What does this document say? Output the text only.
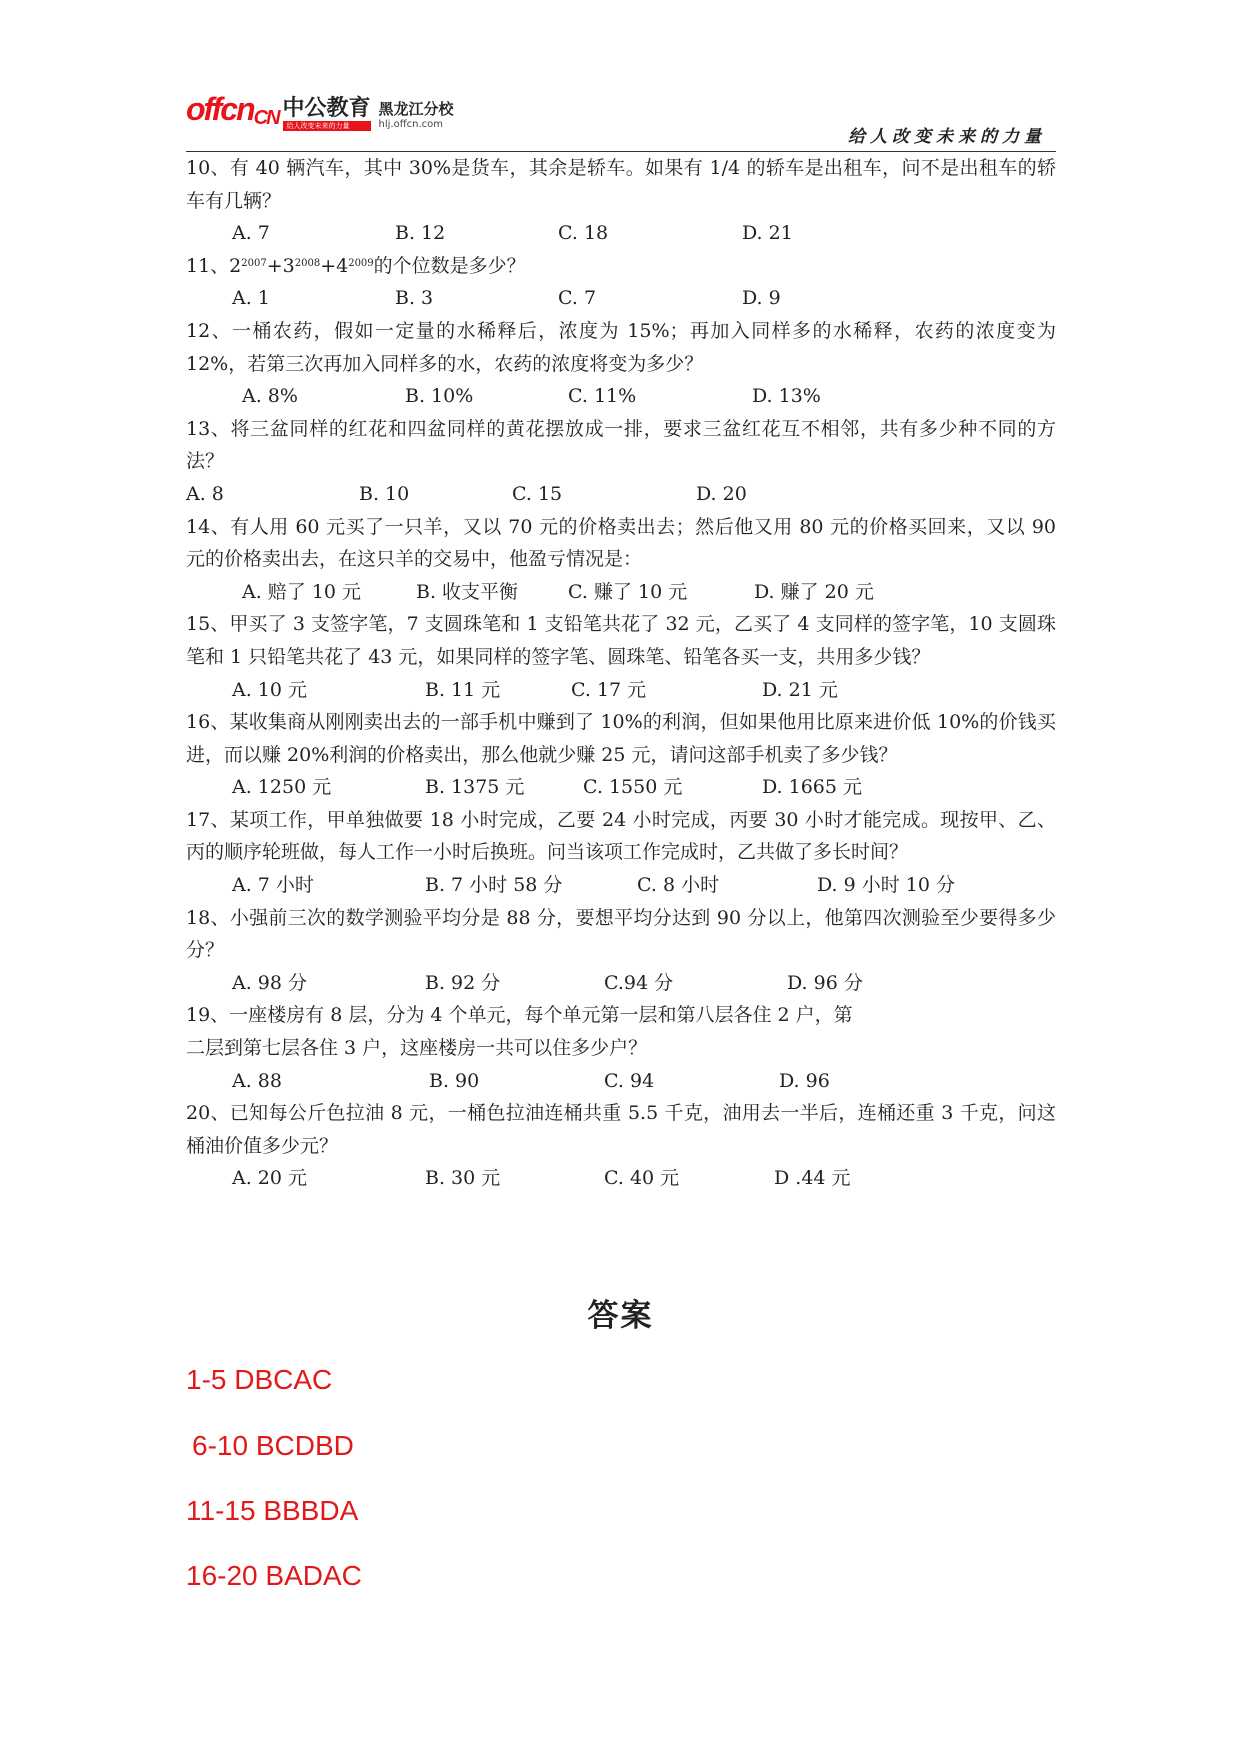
offcnCN 中公教育
给人改变未来的力量
黑龙江分校
hlj.offcn.com
给人改变未来的力量
10、有 40 辆汽车，其中 30%是货车，其余是轿车。如果有 1/4 的轿车是出租车，问不是出租车的轿车有几辆？
A. 7	B. 12	C. 18	D. 21
11、$2^{2007}+3^{2008}+4^{2009}$的个位数是多少？
A. 1	B. 3	C. 7	D. 9
12、一桶农药，假如一定量的水稀释后，浓度为 15%；再加入同样多的水稀释，农药的浓度变为 12%，若第三次再加入同样多的水，农药的浓度将变为多少？
A. 8%	B. 10%	C. 11%	D. 13%
13、将三盆同样的红花和四盆同样的黄花摆放成一排，要求三盆红花互不相邻，共有多少种不同的方法？
A. 8	B. 10	C. 15	D. 20
14、有人用 60 元买了一只羊，又以 70 元的价格卖出去；然后他又用 80 元的价格买回来，又以 90 元的价格卖出去，在这只羊的交易中，他盈亏情况是：
A. 赔了 10 元	B. 收支平衡	C. 赚了 10 元	D. 赚了 20 元
15、甲买了 3 支签字笔，7 支圆珠笔和 1 支铅笔共花了 32 元，乙买了 4 支同样的签字笔，10 支圆珠笔和 1 只铅笔共花了 43 元，如果同样的签字笔、圆珠笔、铅笔各买一支，共用多少钱？
A. 10 元	B. 11 元	C. 17 元	D. 21 元
16、某收集商从刚刚卖出去的一部手机中赚到了 10%的利润，但如果他用比原来进价低 10%的价钱买进，而以赚 20%利润的价格卖出，那么他就少赚 25 元，请问这部手机卖了多少钱？
A. 1250 元	B. 1375 元	C. 1550 元	D. 1665 元
17、某项工作，甲单独做要 18 小时完成，乙要 24 小时完成，丙要 30 小时才能完成。现按甲、乙、丙的顺序轮班做，每人工作一小时后换班。问当该项工作完成时，乙共做了多长时间？
A. 7 小时	B. 7 小时 58 分	C. 8 小时	D. 9 小时 10 分
18、小强前三次的数学测验平均分是 88 分，要想平均分达到 90 分以上，他第四次测验至少要得多少分？
A. 98 分	B. 92 分	C.94 分	D. 96 分
19、一座楼房有 8 层，分为 4 个单元，每个单元第一层和第八层各住 2 户，第
二层到第七层各住 3 户，这座楼房一共可以住多少户？
A. 88	B. 90	C. 94	D. 96
20、已知每公斤色拉油 8 元，一桶色拉油连桶共重 5.5 千克，油用去一半后，连桶还重 3 千克，问这桶油价值多少元？
A. 20 元	B. 30 元	C. 40 元	D .44 元
答案
1-5 DBCAC
6-10 BCDBD
11-15 BBBDA
16-20 BADAC
